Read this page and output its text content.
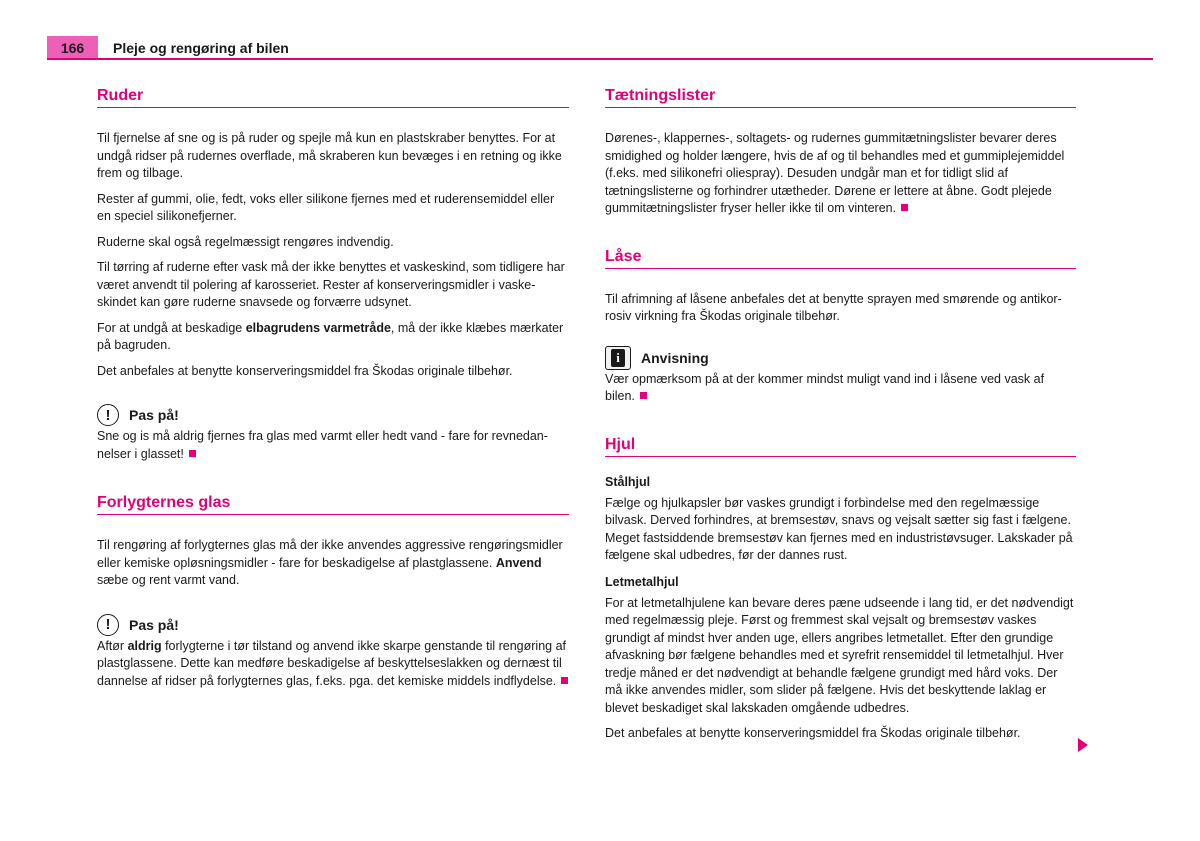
166	Pleje og rengøring af bilen
Ruder

Til fjernelse af sne og is på ruder og spejle må kun en plastskraber benyttes. For at undgå ridser på rudernes overflade, må skraberen kun bevæges i en retning og ikke frem og tilbage.

Rester af gummi, olie, fedt, voks eller silikone fjernes med et ruderensemiddel eller en speciel silikonefjerner.

Ruderne skal også regelmæssigt rengøres indvendig.

Til tørring af ruderne efter vask må der ikke benyttes et vaskeskind, som tidligere har været anvendt til polering af karosseriet. Rester af konserveringsmidler i vaskeskindet kan gøre ruderne snavsede og forværre udsynet.

For at undgå at beskadige elbagrudens varmetråde, må der ikke klæbes mærkater på bagruden.

Det anbefales at benytte konserveringsmiddel fra Škodas originale tilbehør.

!	Pas på!

Sne og is må aldrig fjernes fra glas med varmt eller hedt vand - fare for revnedannelser i glasset!

Forlygternes glas

Til rengøring af forlygternes glas må der ikke anvendes aggressive rengøringsmidler eller kemiske opløsningsmidler - fare for beskadigelse af plastglassene. Anvend sæbe og rent varmt vand.

!	Pas på!

Aftør aldrig forlygterne i tør tilstand og anvend ikke skarpe genstande til rengøring af plastglassene. Dette kan medføre beskadigelse af beskyttelseslakken og dernæst til dannelse af ridser på forlygternes glas, f.eks. pga. det kemiske middels indflydelse.

Tætningslister

Dørenes-, klappernes-, soltagets- og rudernes gummitætningslister bevarer deres smidighed og holder længere, hvis de af og til behandles med et gummiplejemiddel (f.eks. med silikonefri oliespray). Desuden undgår man et for tidligt slid af tætningslisterne og forhindrer utætheder. Dørene er lettere at åbne. Godt plejede gummitætningslister fryser heller ikke til om vinteren.

Låse

Til afrimning af låsene anbefales det at benytte sprayen med smørende og antikorrosiv virkning fra Škodas originale tilbehør.

i	Anvisning

Vær opmærksom på at der kommer mindst muligt vand ind i låsene ved vask af bilen.

Hjul

Stålhjul

Fælge og hjulkapsler bør vaskes grundigt i forbindelse med den regelmæssige bilvask. Derved forhindres, at bremsestøv, snavs og vejsalt sætter sig fast i fælgene. Meget fastsiddende bremsestøv kan fjernes med en industristøvsuger. Lakskader på fælgene skal udbedres, før der dannes rust.

Letmetalhjul

For at letmetalhjulene kan bevare deres pæne udseende i lang tid, er det nødvendigt med regelmæssig pleje. Først og fremmest skal vejsalt og bremsestøv vaskes grundigt af mindst hver anden uge, ellers angribes letmetallet. Efter den grundige afvaskning bør fælgene behandles med et syrefrit rensemiddel til letmetalhjul. Hver tredje måned er det nødvendigt at behandle fælgene grundigt med hård voks. Der må ikke anvendes midler, som slider på fælgene. Hvis det beskyttende laklag er blevet beskadiget skal lakskaden omgående udbedres.

Det anbefales at benytte konserveringsmiddel fra Škodas originale tilbehør.
